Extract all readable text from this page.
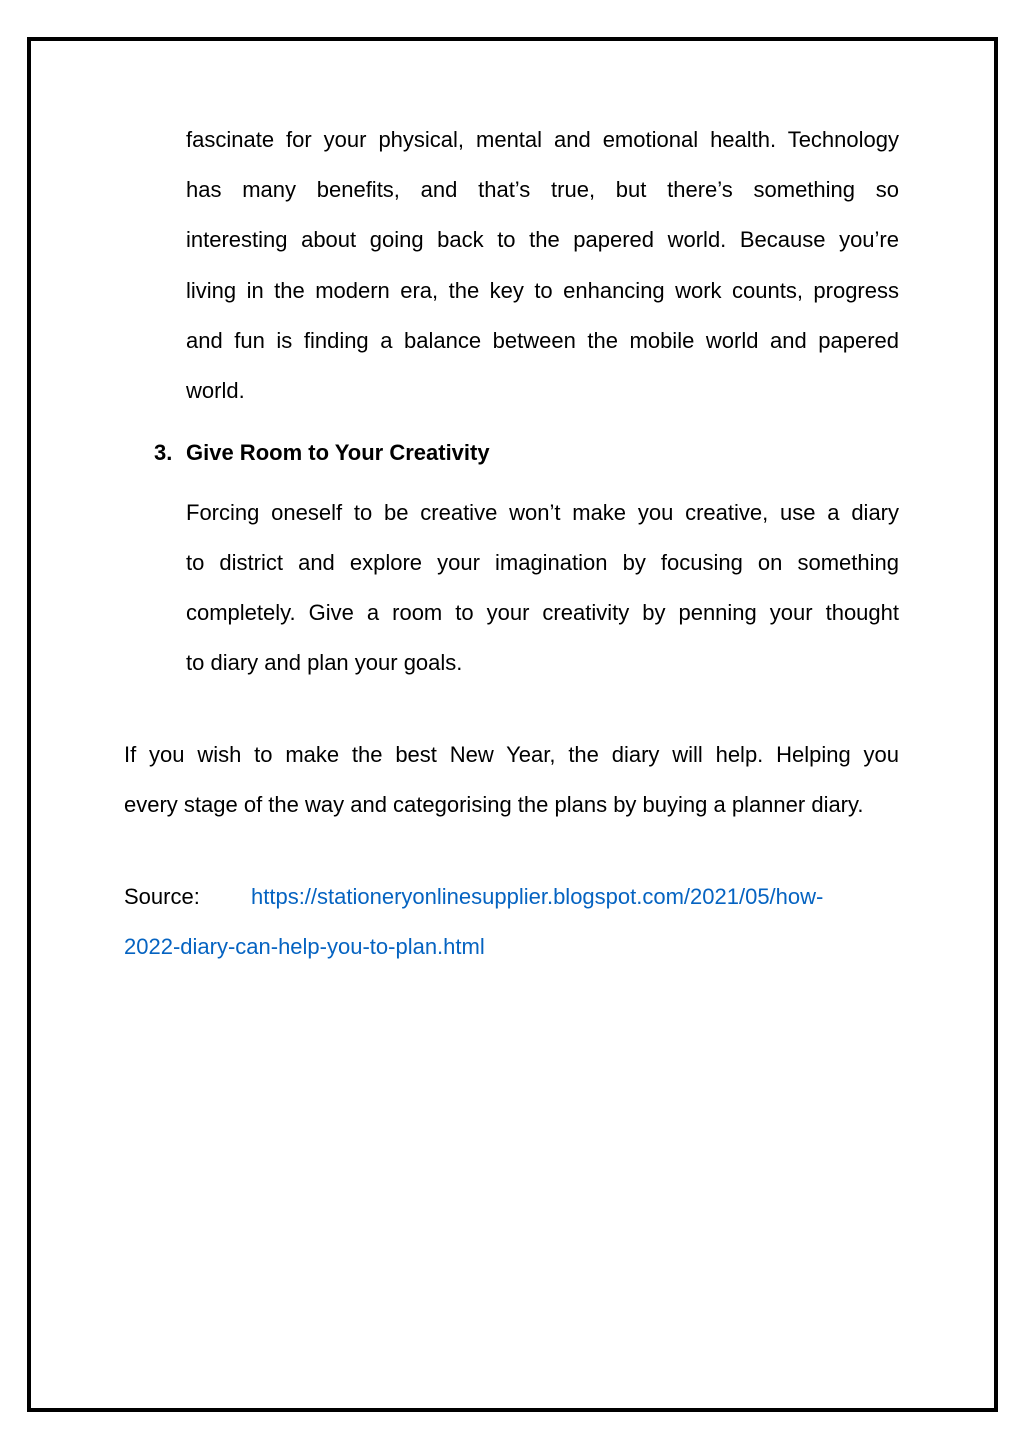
fascinate for your physical, mental and emotional health. Technology
has many benefits, and that’s true, but there’s something so
interesting about going back to the papered world. Because you’re
living in the modern era, the key to enhancing work counts, progress
and fun is finding a balance between the mobile world and papered
world.
3. Give Room to Your Creativity
Forcing oneself to be creative won’t make you creative, use a diary
to district and explore your imagination by focusing on something
completely. Give a room to your creativity by penning your thought
to diary and plan your goals.
If you wish to make the best New Year, the diary will help. Helping you
every stage of the way and categorising the plans by buying a planner diary.
Source: https://stationeryonlinesupplier.blogspot.com/2021/05/how-
2022-diary-can-help-you-to-plan.html
